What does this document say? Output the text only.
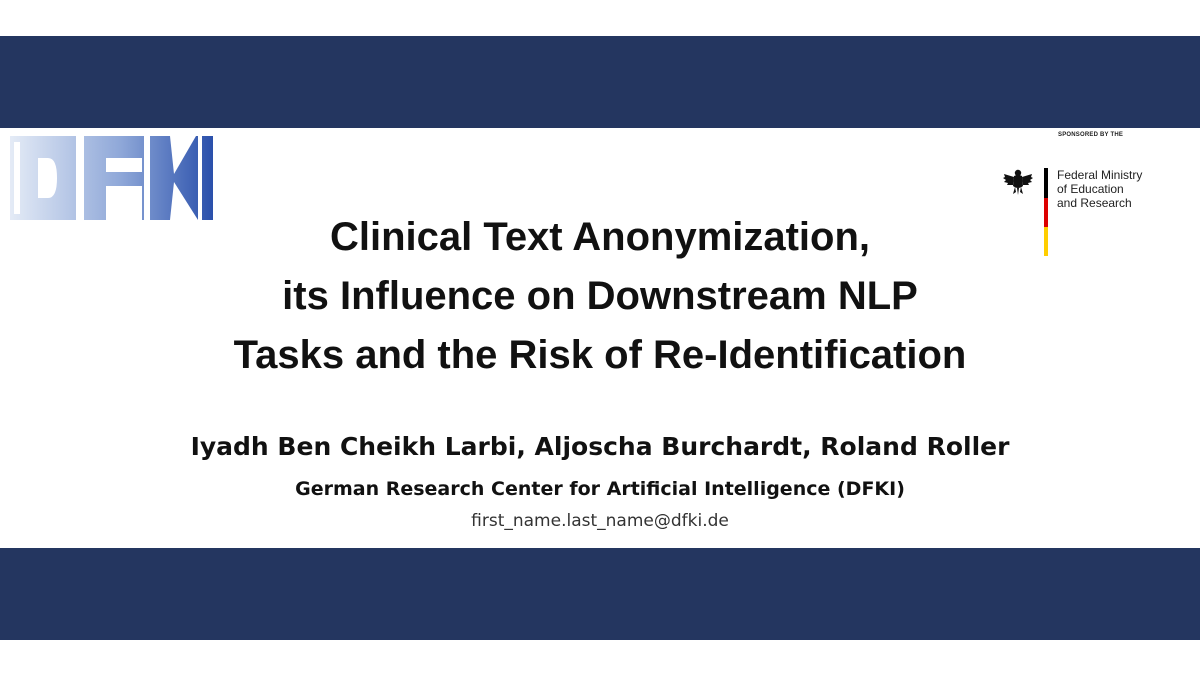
SPONSORED BY THE
Federal Ministry
of Education
and Research
Clinical Text Anonymization,
its Influence on Downstream NLP
Tasks and the Risk of Re-Identification
Iyadh Ben Cheikh Larbi, Aljoscha Burchardt, Roland Roller
German Research Center for Artificial Intelligence (DFKI)
first_name.last_name@dfki.de
